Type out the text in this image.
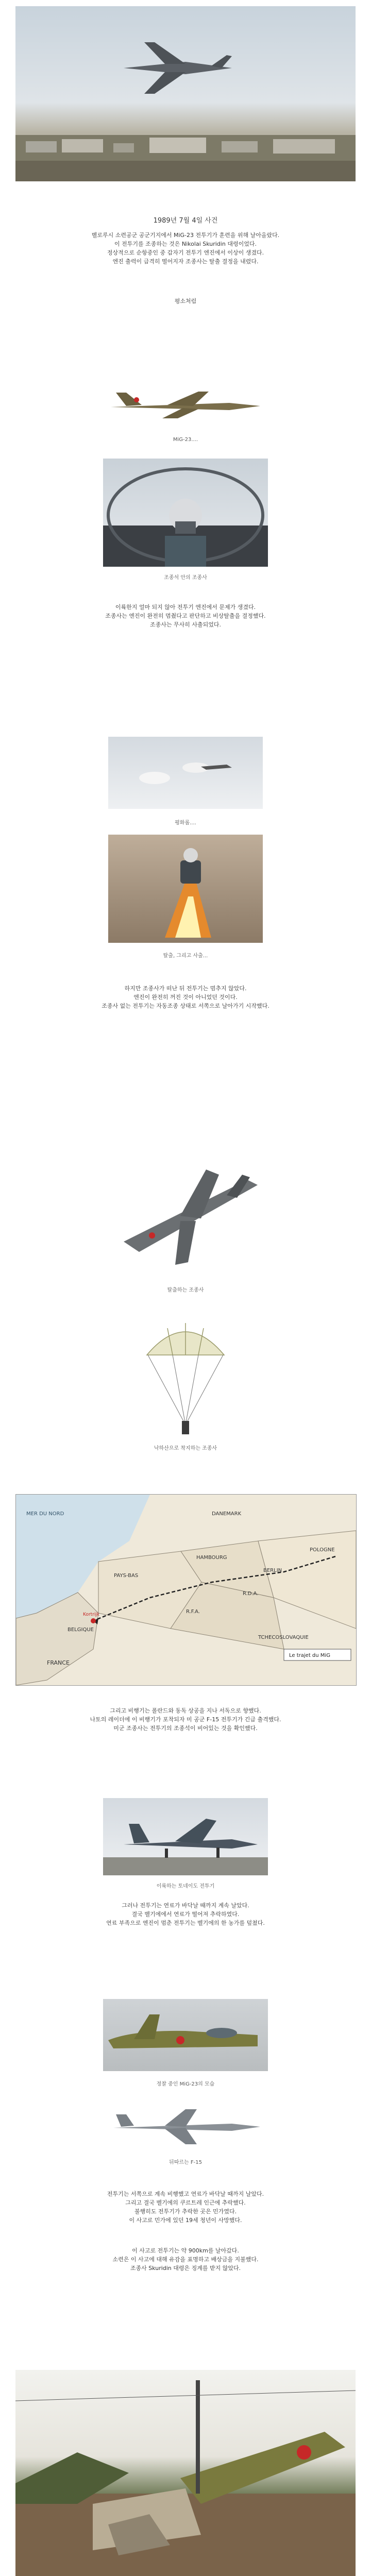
1989년 7월 4일 사건

벨로루시 소련공군 공군기지에서 MiG-23 전투기가 훈련을 위해 날아올랐다.

이 전투기를 조종하는 것은 Nikolai Skuridin 대령이었다.

정상적으로 순항중인 중 갑자기 전투기 엔진에서 이상이 생겼다.

엔진 출력이 급격히 떨어지자 조종사는 탈출 결정을 내렸다.

평소처럼
MiG-23....
조종석 안의 조종사

이륙한지 얼마 되지 않아 전투기 엔진에서 문제가 생겼다.

조종사는 엔진이 완전히 멈췄다고 판단하고 비상탈출을 결정했다.

조종사는 무사히 사출되었다.

평화롭....
탈출, 그리고 사출...

하지만 조종사가 떠난 뒤 전투기는 멈추지 않았다.

엔진이 완전히 꺼진 것이 아니었던 것이다.

조종사 없는 전투기는 자동조종 상태로 서쪽으로 날아가기 시작했다.

탈출하는 조종사
낙하산으로 착지하는 조종사
MER DU NORD	DANEMARK
PAYS-BAS
HAMBOURG
BERLIN
BELGIQUE
R.F.A.
R.D.A.
POLOGNE
TCHECOSLOVAQUIE
FRANCE
Kortrijk
Le trajet du MiG

그리고 비행기는 폴란드와 동독 상공을 지나 서독으로 향했다.

나토의 레이더에 이 비행기가 포착되자 미 공군 F-15 전투기가 긴급 출격했다.

미군 조종사는 전투기의 조종석이 비어있는 것을 확인했다.

이륙하는 토네이도 전투기

그러나 전투기는 연료가 바닥날 때까지 계속 날았다.

결국 벨기에에서 연료가 떨어져 추락하였다.

연료 부족으로 엔진이 멈춘 전투기는 벨기에의 한 농가를 덮쳤다.

정찰 중인 MiG-23의 모습
뒤따르는 F-15

전투기는 서쪽으로 계속 비행했고 연료가 바닥날 때까지 날았다.

그리고 결국 벨기에의 쿠르트레 인근에 추락했다.

불행히도 전투기가 추락한 곳은 민가였다.

이 사고로 민가에 있던 19세 청년이 사망했다.

이 사고로 전투기는 약 900km를 날아갔다.

소련은 이 사고에 대해 유감을 표명하고 배상금을 지불했다.

조종사 Skuridin 대령은 징계를 받지 않았다.
